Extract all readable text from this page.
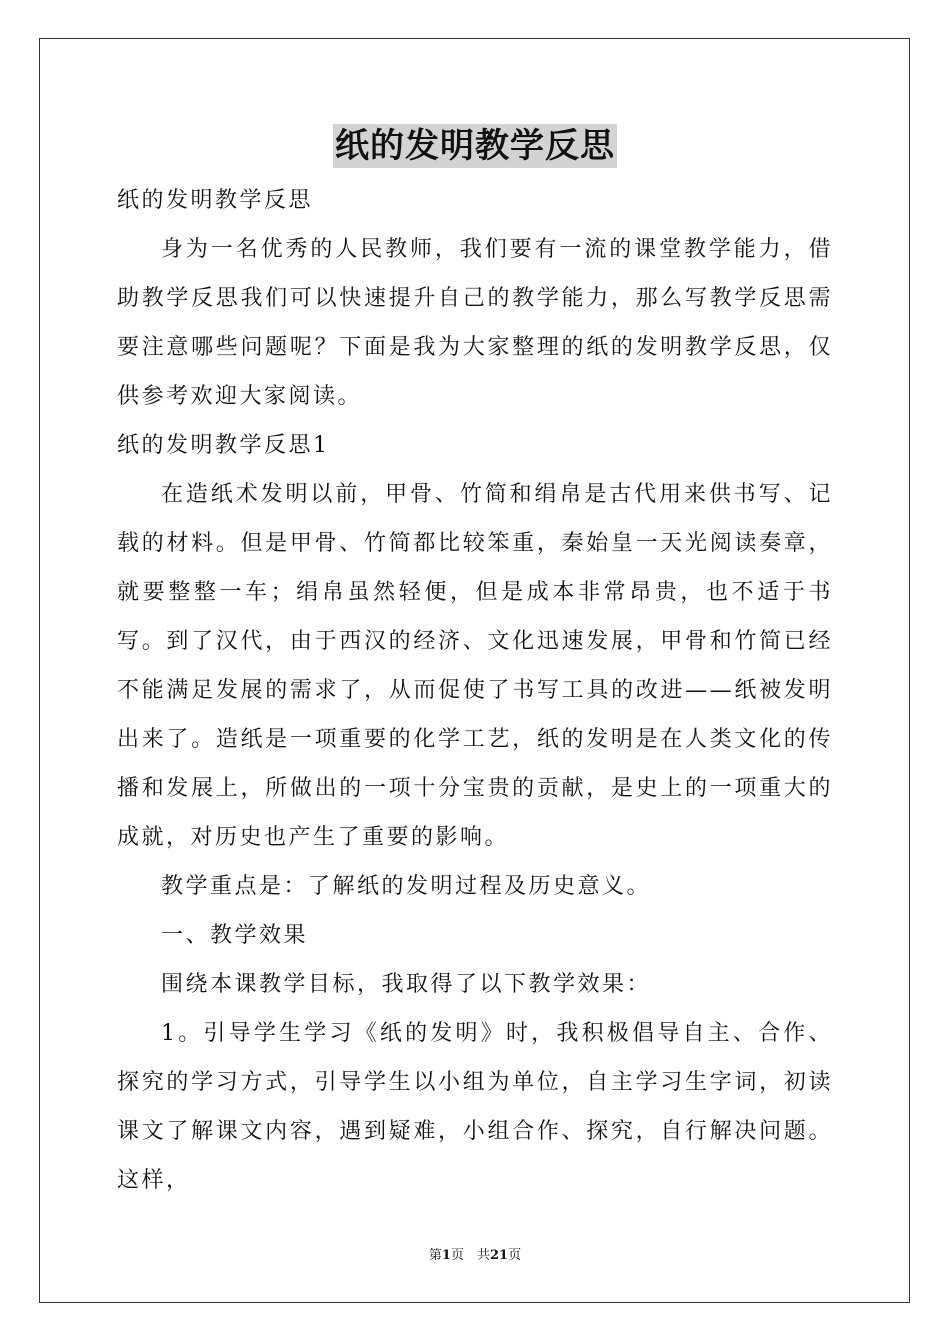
纸的发明教学反思

纸的发明教学反思

身为一名优秀的人民教师，我们要有一流的课堂教学能力，借助教学反思我们可以快速提升自己的教学能力，那么写教学反思需要注意哪些问题呢？下面是我为大家整理的纸的发明教学反思，仅供参考欢迎大家阅读。

纸的发明教学反思1

在造纸术发明以前，甲骨、竹简和绢帛是古代用来供书写、记载的材料。但是甲骨、竹简都比较笨重，秦始皇一天光阅读奏章，就要整整一车；绢帛虽然轻便，但是成本非常昂贵，也不适于书写。到了汉代，由于西汉的经济、文化迅速发展，甲骨和竹简已经不能满足发展的需求了，从而促使了书写工具的改进——纸被发明出来了。造纸是一项重要的化学工艺，纸的发明是在人类文化的传播和发展上，所做出的一项十分宝贵的贡献，是史上的一项重大的成就，对历史也产生了重要的影响。

教学重点是：了解纸的发明过程及历史意义。

一、教学效果

围绕本课教学目标，我取得了以下教学效果：

1。引导学生学习《纸的发明》时，我积极倡导自主、合作、探究的学习方式，引导学生以小组为单位，自主学习生字词，初读课文了解课文内容，遇到疑难，小组合作、探究，自行解决问题。这样，

第1页　共21页
